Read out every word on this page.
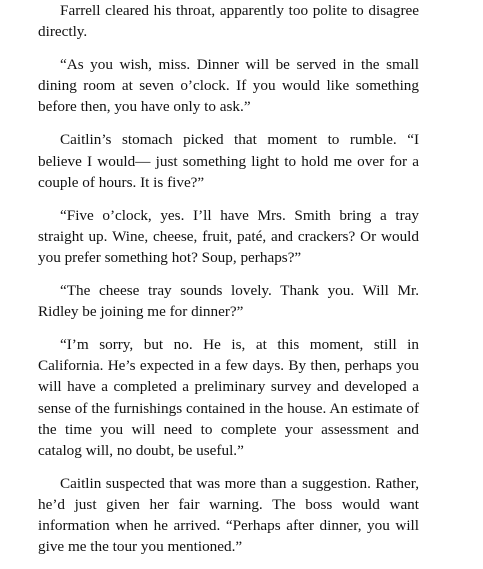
Farrell cleared his throat, apparently too polite to disagree directly.

“As you wish, miss. Dinner will be served in the small dining room at seven o’clock. If you would like something before then, you have only to ask.”

Caitlin’s stomach picked that moment to rumble. “I believe I would— just something light to hold me over for a couple of hours. It is five?”

“Five o’clock, yes. I’ll have Mrs. Smith bring a tray straight up. Wine, cheese, fruit, paté, and crackers? Or would you prefer something hot? Soup, perhaps?”

“The cheese tray sounds lovely. Thank you. Will Mr. Ridley be joining me for dinner?”

“I’m sorry, but no. He is, at this moment, still in California. He’s expected in a few days. By then, perhaps you will have a completed a preliminary survey and developed a sense of the furnishings contained in the house. An estimate of the time you will need to complete your assessment and catalog will, no doubt, be useful.”

Caitlin suspected that was more than a suggestion. Rather, he’d just given her fair warning. The boss would want information when he arrived. “Perhaps after dinner, you will give me the tour you mentioned.”
